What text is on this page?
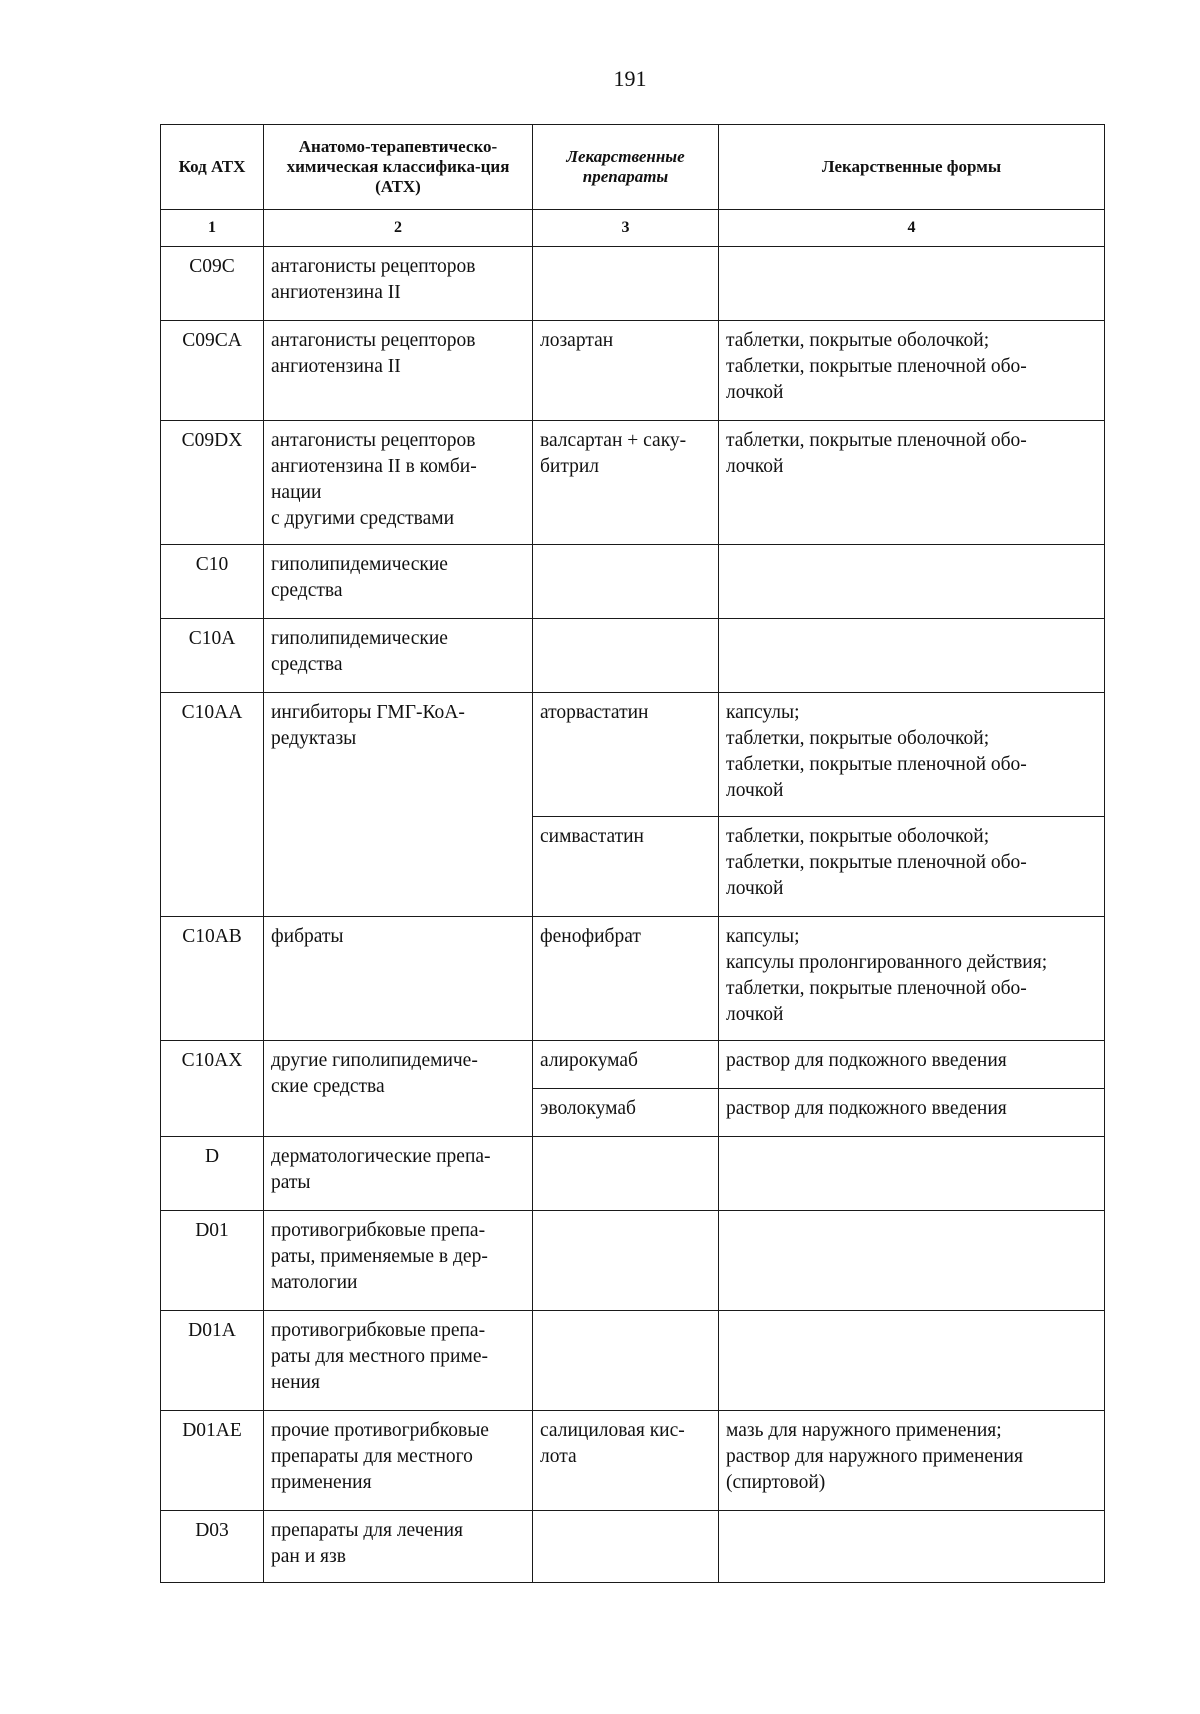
191
Код АТХ	Анатомо-терапевтическо-химическая классифика-ция (АТХ)	Лекарственные препараты	Лекарственные формы
1	2	3	4
C09C	антагонисты рецепторов
ангиотензина II		

C09CA	антагонисты рецепторов
ангиотензина II	лозартан	таблетки, покрытые оболочкой;
таблетки, покрытые пленочной обо-
лочкой

C09DX	антагонисты рецепторов
ангиотензина II в комби-
нации
с другими средствами	валсартан + саку-
битрил	таблетки, покрытые пленочной обо-
лочкой

C10	гиполипидемические
средства		

C10A	гиполипидемические
средства		

C10AA	ингибиторы ГМГ-КоА-
редуктазы	аторвастатин	капсулы;
таблетки, покрытые оболочкой;
таблетки, покрытые пленочной обо-
лочкой

		симвастатин	таблетки, покрытые оболочкой;
таблетки, покрытые пленочной обо-
лочкой

C10AB	фибраты	фенофибрат	капсулы;
капсулы пролонгированного действия;
таблетки, покрытые пленочной обо-
лочкой

C10AX	другие гиполипидемиче-
ские средства	алирокумаб	раствор для подкожного введения

		эволокумаб	раствор для подкожного введения

D	дерматологические препа-
раты		

D01	противогрибковые препа-
раты, применяемые в дер-
матологии		

D01A	противогрибковые препа-
раты для местного приме-
нения		

D01AE	прочие противогрибковые
препараты для местного
применения	салициловая кис-
лота	мазь для наружного применения;
раствор для наружного применения
(спиртовой)

D03	препараты для лечения
ран и язв		
